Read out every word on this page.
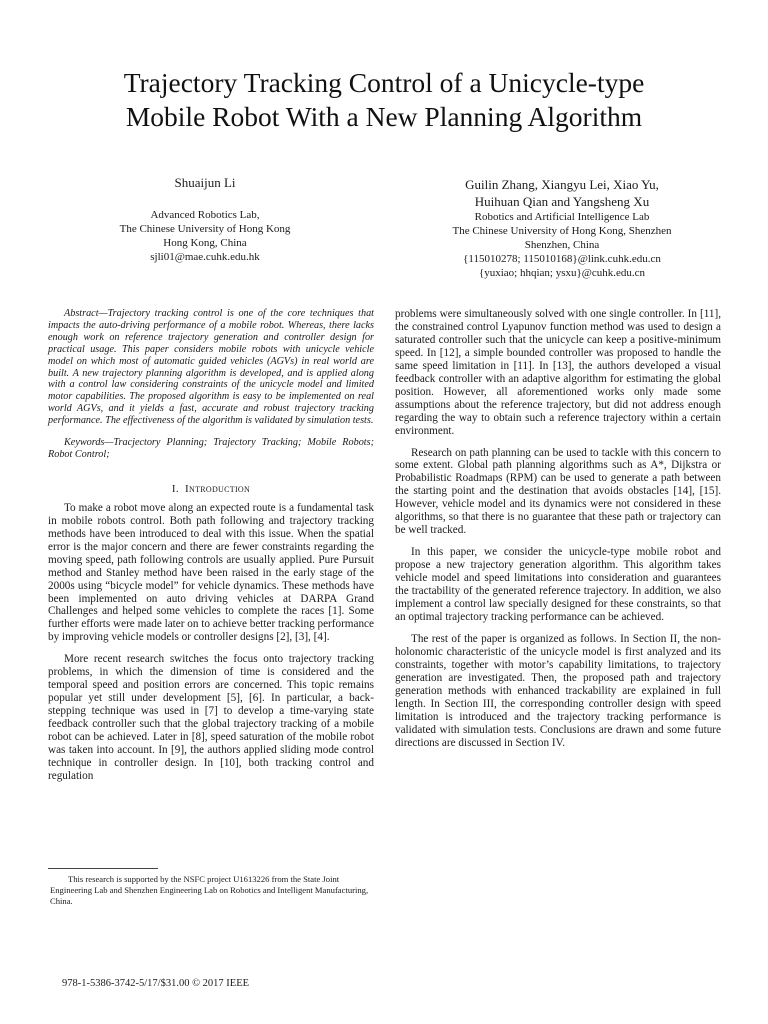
Trajectory Tracking Control of a Unicycle-type
Mobile Robot With a New Planning Algorithm
Shuaijun Li
Advanced Robotics Lab,
The Chinese University of Hong Kong
Hong Kong, China
sjli01@mae.cuhk.edu.hk
Guilin Zhang, Xiangyu Lei, Xiao Yu,
Huihuan Qian and Yangsheng Xu
Robotics and Artificial Intelligence Lab
The Chinese University of Hong Kong, Shenzhen
Shenzhen, China
{115010278; 115010168}@link.cuhk.edu.cn
{yuxiao; hhqian; ysxu}@cuhk.edu.cn

Abstract—Trajectory tracking control is one of the core techniques that impacts the auto-driving performance of a mobile robot. Whereas, there lacks enough work on reference trajectory generation and controller design for practical usage. This paper considers mobile robots with unicycle vehicle model on which most of automatic guided vehicles (AGVs) in real world are built. A new trajectory planning algorithm is developed, and is applied along with a control law considering constraints of the unicycle model and limited motor capabilities. The proposed algorithm is easy to be implemented on real world AGVs, and it yields a fast, accurate and robust trajectory tracking performance. The effectiveness of the algorithm is validated by simulation tests.

Keywords—Tracjectory Planning; Trajectory Tracking; Mobile Robots; Robot Control;

I. Introduction

To make a robot move along an expected route is a fundamental task in mobile robots control. Both path following and trajectory tracking methods have been introduced to deal with this issue. When the spatial error is the major concern and there are fewer constraints regarding the moving speed, path following controls are usually applied. Pure Pursuit method and Stanley method have been raised in the early stage of the 2000s using “bicycle model” for vehicle dynamics. These methods have been implemented on auto driving vehicles at DARPA Grand Challenges and helped some vehicles to complete the races [1]. Some further efforts were made later on to achieve better tracking performance by improving vehicle models or controller designs [2], [3], [4].

More recent research switches the focus onto trajectory tracking problems, in which the dimension of time is considered and the temporal speed and position errors are concerned. This topic remains popular yet still under development [5], [6]. In particular, a back-stepping technique was used in [7] to develop a time-varying state feedback controller such that the global trajectory tracking of a mobile robot can be achieved. Later in [8], speed saturation of the mobile robot was taken into account. In [9], the authors applied sliding mode control technique in controller design. In [10], both tracking control and regulation

problems were simultaneously solved with one single controller. In [11], the constrained control Lyapunov function method was used to design a saturated controller such that the unicycle can keep a positive-minimum speed. In [12], a simple bounded controller was proposed to handle the same speed limitation in [11]. In [13], the authors developed a visual feedback controller with an adaptive algorithm for estimating the global position. However, all aforementioned works only made some assumptions about the reference trajectory, but did not address enough regarding the way to obtain such a reference trajectory within a certain environment.

Research on path planning can be used to tackle with this concern to some extent. Global path planning algorithms such as A*, Dijkstra or Probabilistic Roadmaps (RPM) can be used to generate a path between the starting point and the destination that avoids obstacles [14], [15]. However, vehicle model and its dynamics were not considered in these algorithms, so that there is no guarantee that these path or trajectory can be well tracked.

In this paper, we consider the unicycle-type mobile robot and propose a new trajectory generation algorithm. This algorithm takes vehicle model and speed limitations into consideration and guarantees the tractability of the generated reference trajectory. In addition, we also implement a control law specially designed for these constraints, so that an optimal trajectory tracking performance can be achieved.

The rest of the paper is organized as follows. In Section II, the non-holonomic characteristic of the unicycle model is first analyzed and its constraints, together with motor’s capability limitations, to trajectory generation are investigated. Then, the proposed path and trajectory generation methods with enhanced trackability are explained in full length. In Section III, the corresponding controller design with speed limitation is introduced and the trajectory tracking performance is validated with simulation tests. Conclusions are drawn and some future directions are discussed in Section IV.

This research is supported by the NSFC project U1613226 from the State Joint Engineering Lab and Shenzhen Engineering Lab on Robotics and Intelligent Manufacturing, China.
978-1-5386-3742-5/17/$31.00 © 2017 IEEE
